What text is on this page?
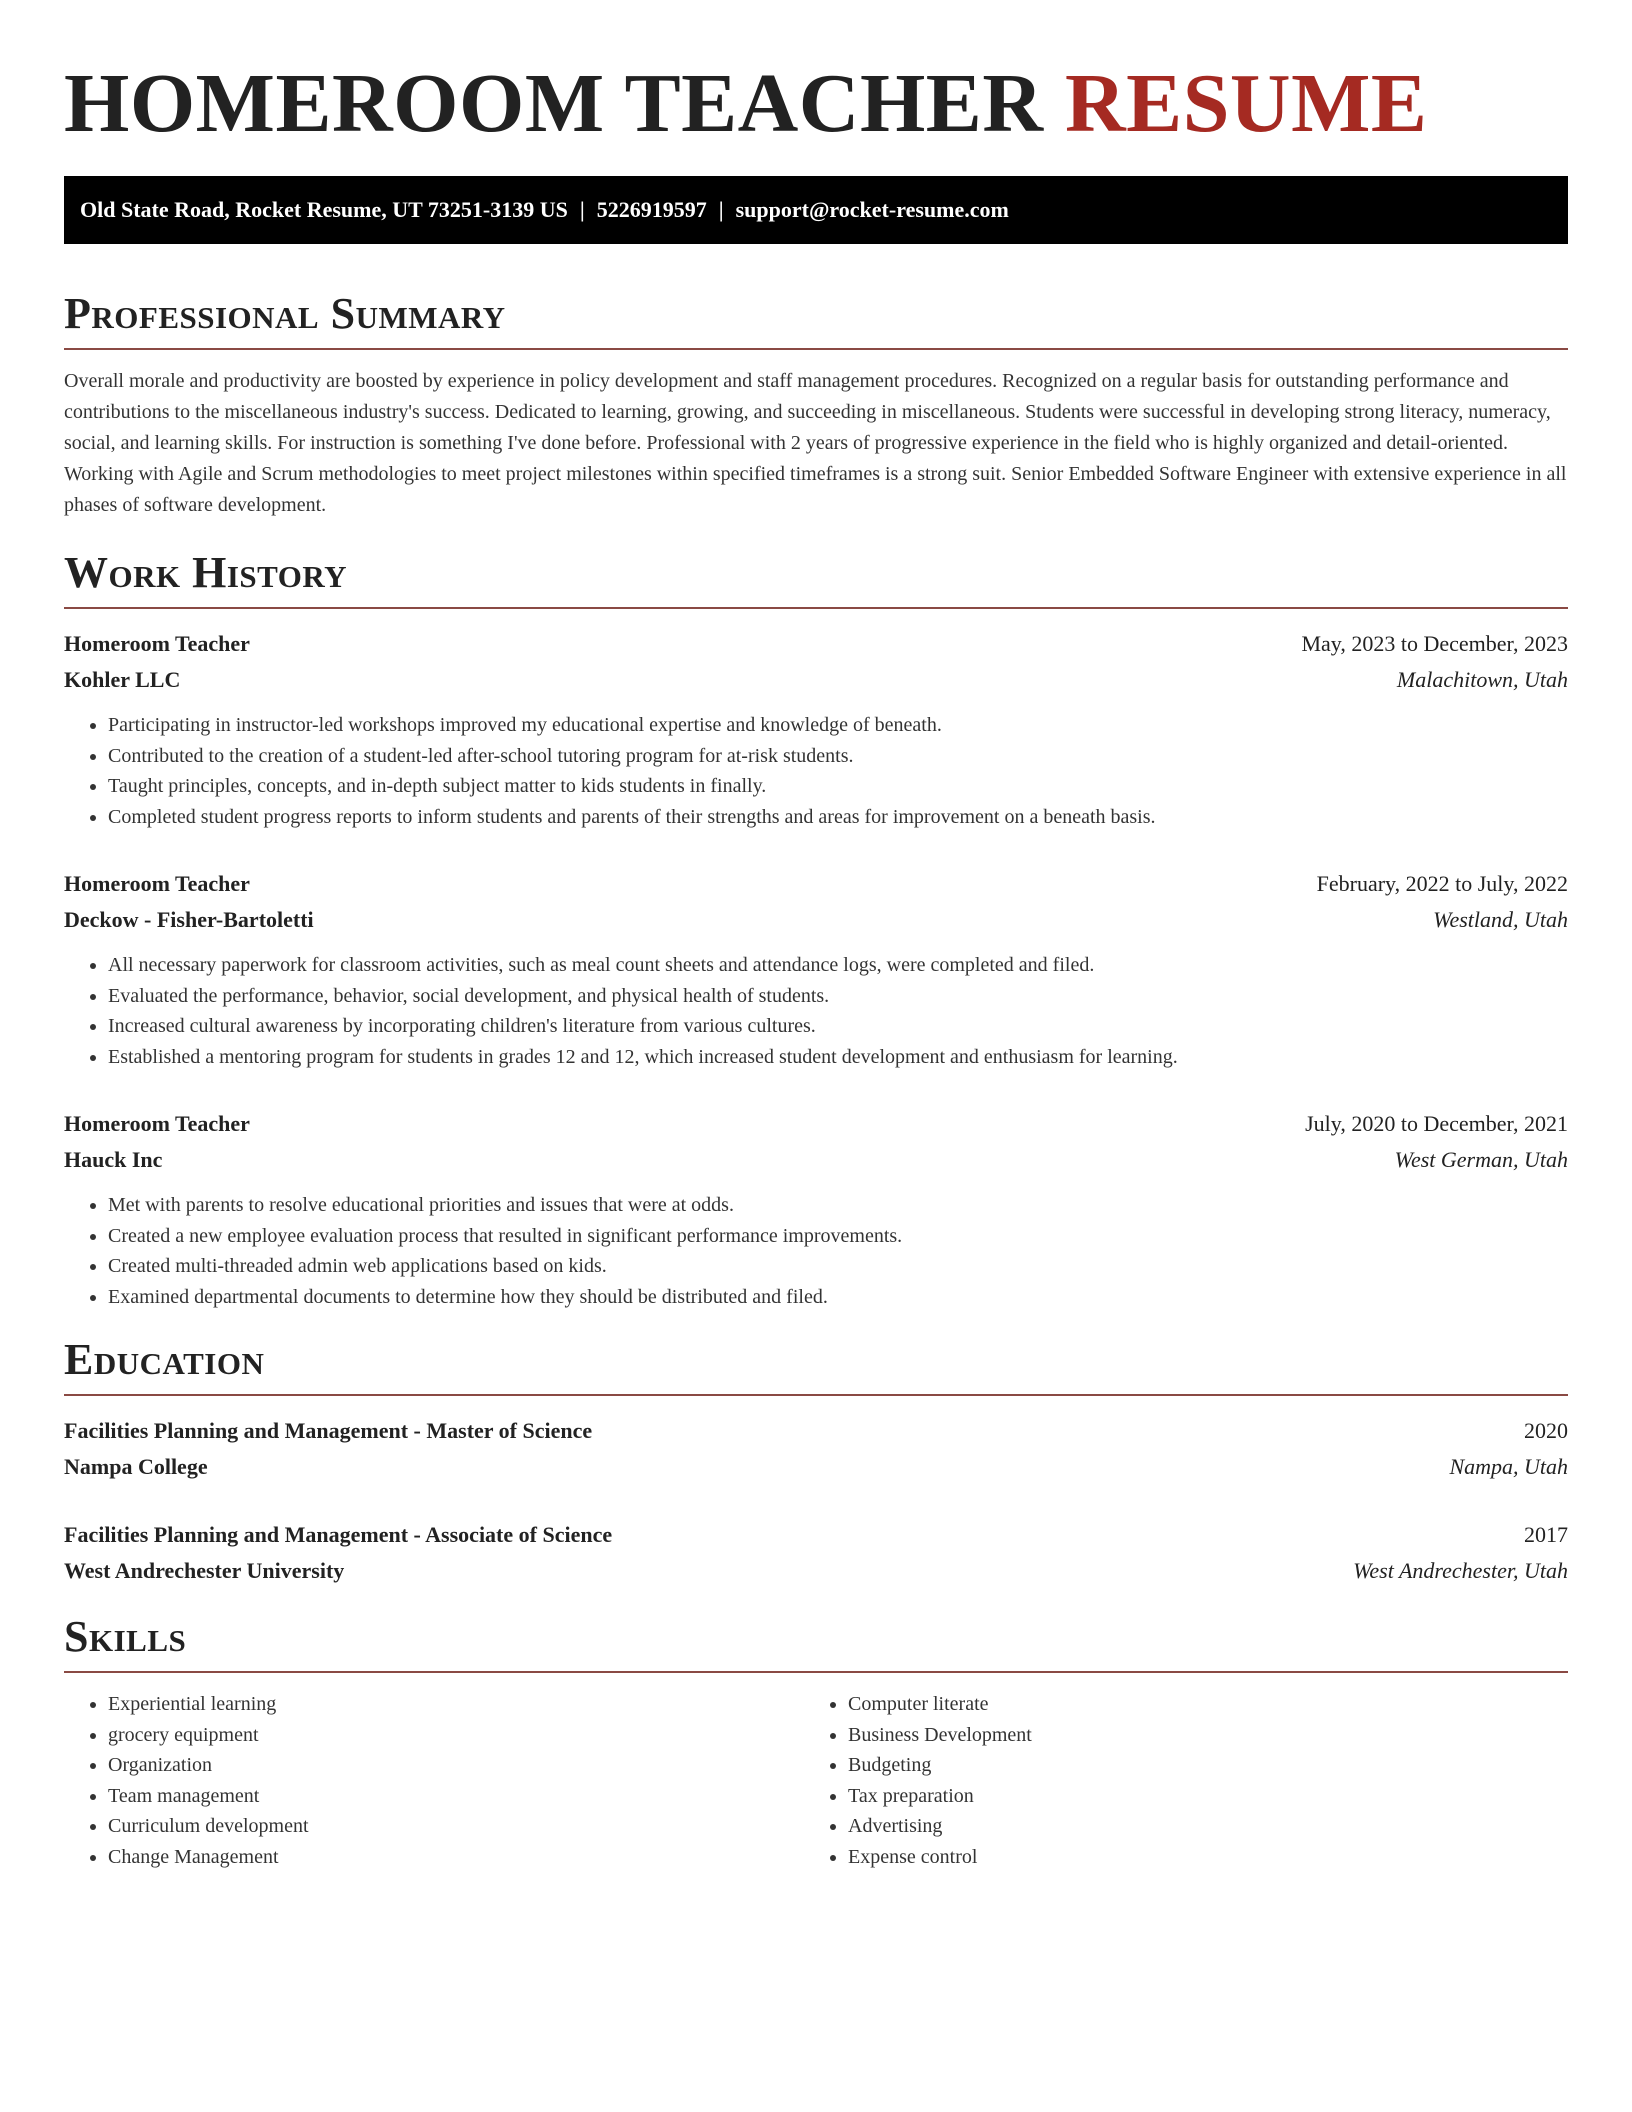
HOMEROOM TEACHER RESUME
Old State Road, Rocket Resume, UT 73251-3139 US | 5226919597 | support@rocket-resume.com
Professional Summary
Overall morale and productivity are boosted by experience in policy development and staff management procedures. Recognized on a regular basis for outstanding performance and contributions to the miscellaneous industry's success. Dedicated to learning, growing, and succeeding in miscellaneous. Students were successful in developing strong literacy, numeracy, social, and learning skills. For instruction is something I've done before. Professional with 2 years of progressive experience in the field who is highly organized and detail-oriented. Working with Agile and Scrum methodologies to meet project milestones within specified timeframes is a strong suit. Senior Embedded Software Engineer with extensive experience in all phases of software development.
Work History
Homeroom Teacher	May, 2023 to December, 2023
Kohler LLC	Malachitown, Utah
• Participating in instructor-led workshops improved my educational expertise and knowledge of beneath.
• Contributed to the creation of a student-led after-school tutoring program for at-risk students.
• Taught principles, concepts, and in-depth subject matter to kids students in finally.
• Completed student progress reports to inform students and parents of their strengths and areas for improvement on a beneath basis.
Homeroom Teacher	February, 2022 to July, 2022
Deckow - Fisher-Bartoletti	Westland, Utah
• All necessary paperwork for classroom activities, such as meal count sheets and attendance logs, were completed and filed.
• Evaluated the performance, behavior, social development, and physical health of students.
• Increased cultural awareness by incorporating children's literature from various cultures.
• Established a mentoring program for students in grades 12 and 12, which increased student development and enthusiasm for learning.
Homeroom Teacher	July, 2020 to December, 2021
Hauck Inc	West German, Utah
• Met with parents to resolve educational priorities and issues that were at odds.
• Created a new employee evaluation process that resulted in significant performance improvements.
• Created multi-threaded admin web applications based on kids.
• Examined departmental documents to determine how they should be distributed and filed.
Education
Facilities Planning and Management - Master of Science	2020
Nampa College	Nampa, Utah
Facilities Planning and Management - Associate of Science	2017
West Andrechester University	West Andrechester, Utah
Skills
• Experiential learning
• grocery equipment
• Organization
• Team management
• Curriculum development
• Change Management
• Computer literate
• Business Development
• Budgeting
• Tax preparation
• Advertising
• Expense control
